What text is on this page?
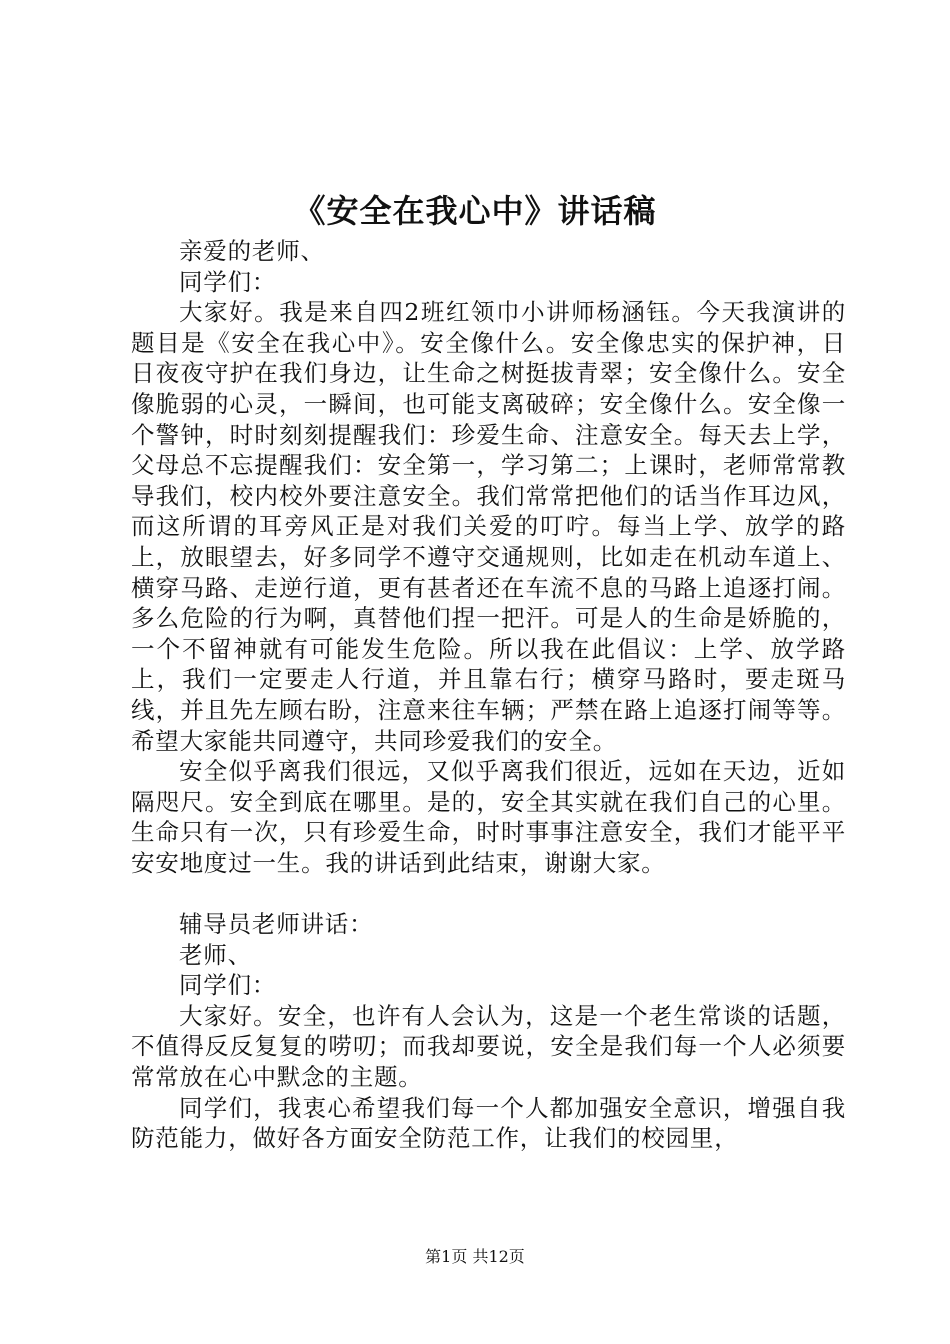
《安全在我心中》讲话稿

亲爱的老师、

同学们：

大家好。我是来自四2班红领巾小讲师杨涵钰。今天我演讲的题目是《安全在我心中》。安全像什么。安全像忠实的保护神，日日夜夜守护在我们身边，让生命之树挺拔青翠；安全像什么。安全像脆弱的心灵，一瞬间，也可能支离破碎；安全像什么。安全像一个警钟，时时刻刻提醒我们：珍爱生命、注意安全。每天去上学，父母总不忘提醒我们：安全第一，学习第二；上课时，老师常常教导我们，校内校外要注意安全。我们常常把他们的话当作耳边风，而这所谓的耳旁风正是对我们关爱的叮咛。每当上学、放学的路上，放眼望去，好多同学不遵守交通规则，比如走在机动车道上、横穿马路、走逆行道，更有甚者还在车流不息的马路上追逐打闹。多么危险的行为啊，真替他们捏一把汗。可是人的生命是娇脆的，一个不留神就有可能发生危险。所以我在此倡议：上学、放学路上，我们一定要走人行道，并且靠右行；横穿马路时，要走斑马线，并且先左顾右盼，注意来往车辆；严禁在路上追逐打闹等等。希望大家能共同遵守，共同珍爱我们的安全。

安全似乎离我们很远，又似乎离我们很近，远如在天边，近如隔咫尺。安全到底在哪里。是的，安全其实就在我们自己的心里。生命只有一次，只有珍爱生命，时时事事注意安全，我们才能平平安安地度过一生。我的讲话到此结束，谢谢大家。

辅导员老师讲话：

老师、

同学们：

大家好。安全，也许有人会认为，这是一个老生常谈的话题，不值得反反复复的唠叨；而我却要说，安全是我们每一个人必须要常常放在心中默念的主题。

同学们，我衷心希望我们每一个人都加强安全意识，增强自我防范能力，做好各方面安全防范工作，让我们的校园里，

第1页 共12页
